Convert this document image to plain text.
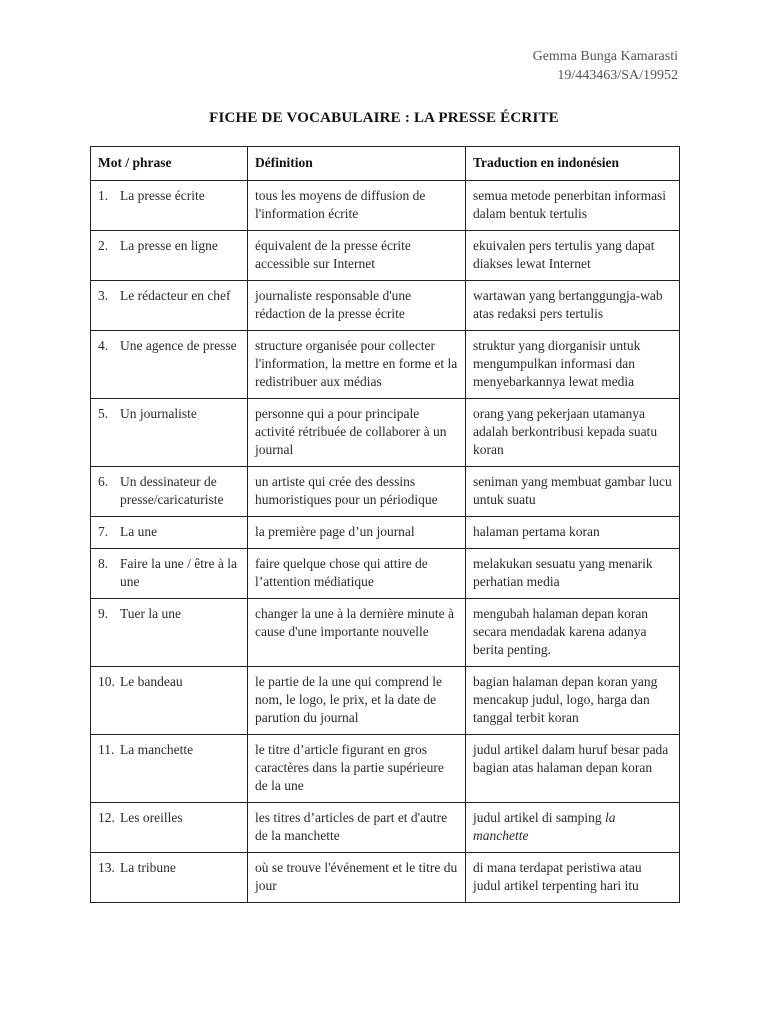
Gemma Bunga Kamarasti
19/443463/SA/19952
FICHE DE VOCABULAIRE : LA PRESSE ÉCRITE
Mot / phrase	Définition	Traduction en indonésien

1. La presse écrite	tous les moyens de diffusion de l'information écrite	semua metode penerbitan informasi dalam bentuk tertulis

2. La presse en ligne	équivalent de la presse écrite accessible sur Internet	ekuivalen pers tertulis yang dapat diakses lewat Internet

3. Le rédacteur en chef	journaliste responsable d'une rédaction de la presse écrite	wartawan yang bertanggungja-wab atas redaksi pers tertulis

4. Une agence de presse	structure organisée pour collecter l'information, la mettre en forme et la redistribuer aux médias	struktur yang diorganisir untuk mengumpulkan informasi dan menyebarkannya lewat media

5. Un journaliste	personne qui a pour principale activité rétribuée de collaborer à un journal	orang yang pekerjaan utamanya adalah berkontribusi kepada suatu koran

6. Un dessinateur de presse/caricaturiste	un artiste qui crée des dessins humoristiques pour un périodique	seniman yang membuat gambar lucu untuk suatu

7. La une	la première page d’un journal	halaman pertama koran

8. Faire la une / être à la une	faire quelque chose qui attire de l’attention médiatique	melakukan sesuatu yang menarik perhatian media

9. Tuer la une	changer la une à la dernière minute à cause d'une importante nouvelle	mengubah halaman depan koran secara mendadak karena adanya berita penting.

10. Le bandeau	le partie de la une qui comprend le nom, le logo, le prix, et la date de parution du journal	bagian halaman depan koran yang mencakup judul, logo, harga dan tanggal terbit koran

11. La manchette	le titre d’article figurant en gros caractères dans la partie supérieure de la une	judul artikel dalam huruf besar pada bagian atas halaman depan koran

12. Les oreilles	les titres d’articles de part et d'autre de la manchette	judul artikel di samping la manchette

13. La tribune	où se trouve l'événement et le titre du jour	di mana terdapat peristiwa atau judul artikel terpenting hari itu
